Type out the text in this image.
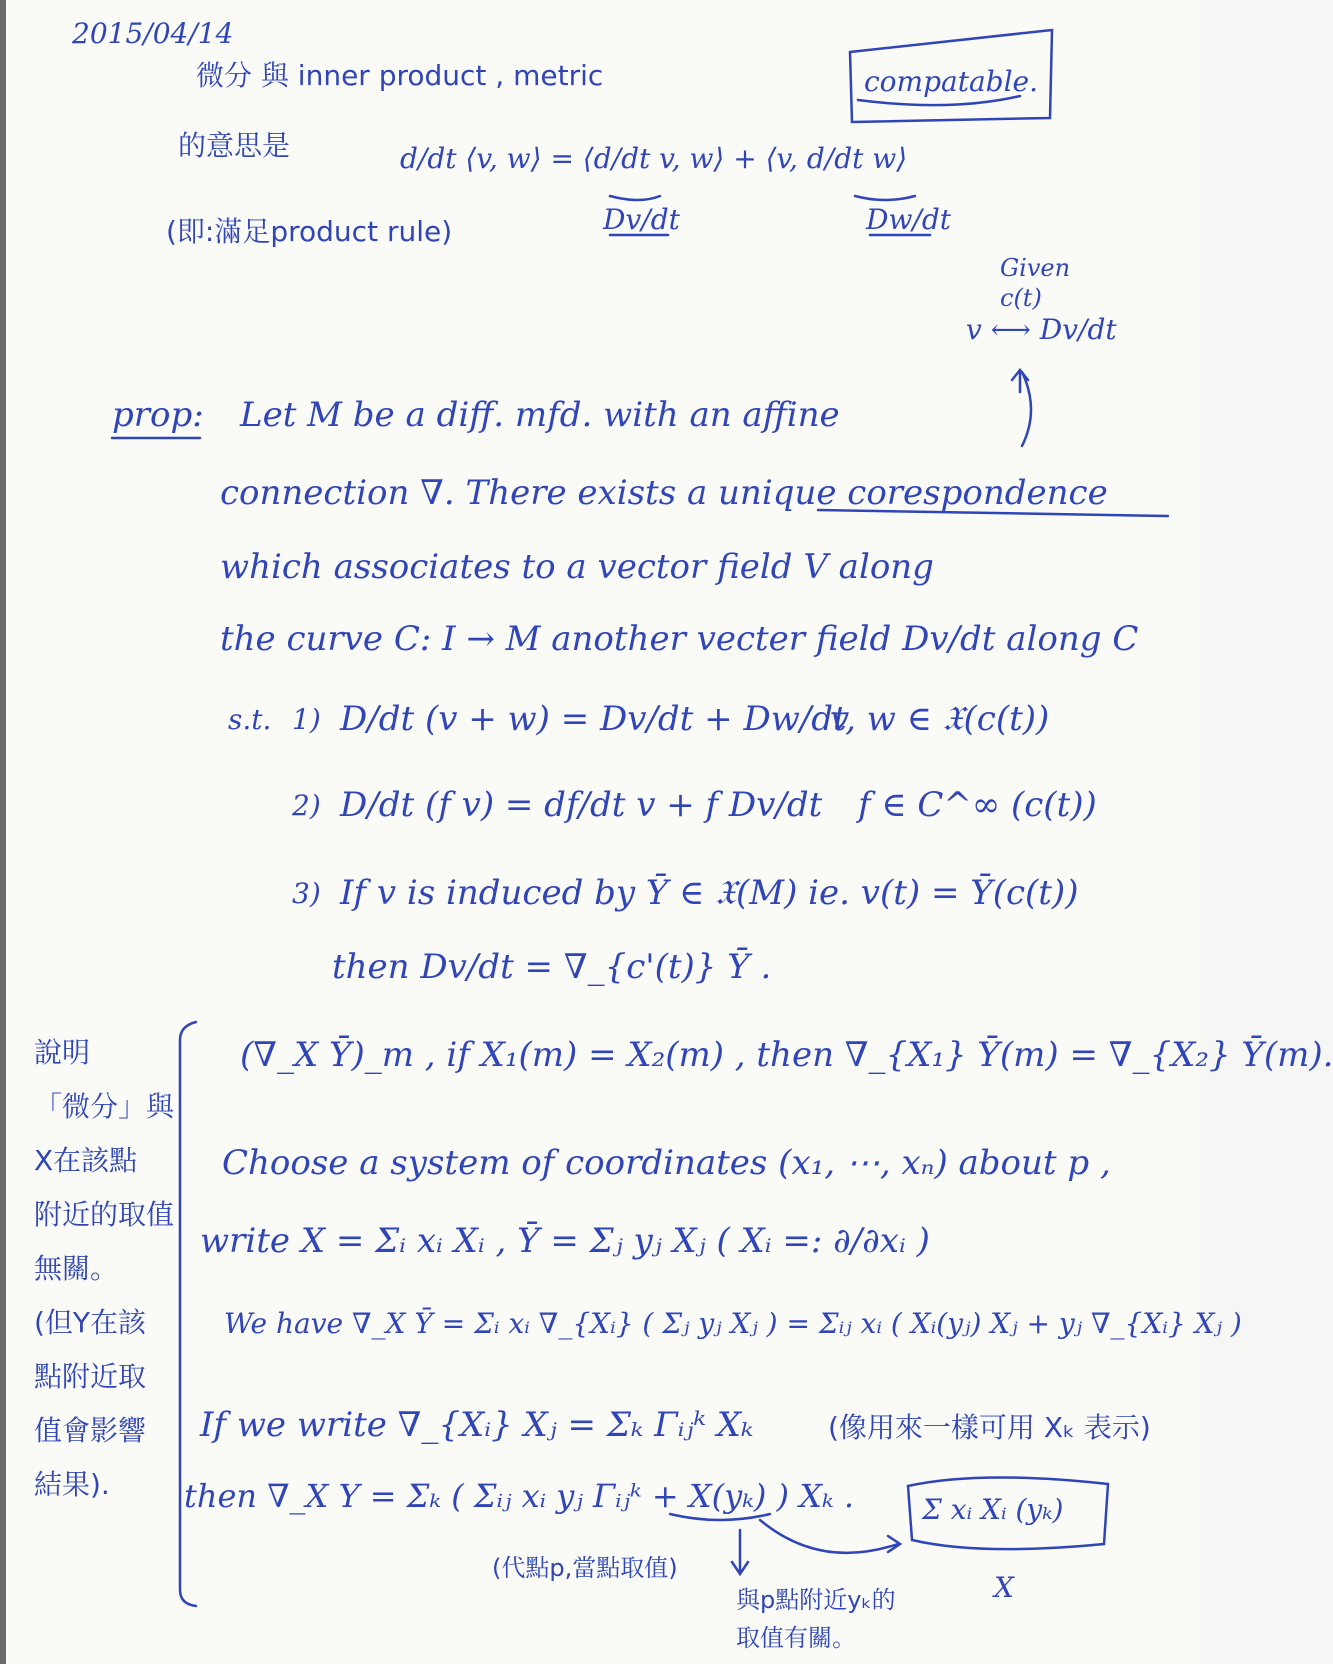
2015/04/14
微分 與 inner product , metric	compatable.
的意思是	d/dt ⟨v, w⟩ = ⟨d/dt v, w⟩ + ⟨v, d/dt w⟩
(即:滿足product rule)	Dv/dt	Dw/dt
Given
c(t)
v ⟷ Dv/dt
prop: Let M be a diff. mfd. with an affine
connection ∇. There exists a unique corespondence
which associates to a vector field V along
the curve C: I → M another vecter field Dv/dt along C
s.t. 1) D/dt (v + w) = Dv/dt + Dw/dt
v, w ∈ 𝔛(c(t))
2) D/dt (f v) = df/dt v + f Dv/dt f ∈ C^∞ (c(t))
3) If v is induced by Ȳ ∈ 𝔛(M) ie. v(t) = Ȳ(c(t))
then Dv/dt = ∇_{c'(t)} Ȳ .
說明
「微分」與
X在該點
附近的取值
無關。
(但Y在該
點附近取
值會影響
結果).
(∇_X Ȳ)_m , if X₁(m) = X₂(m) , then ∇_{X₁} Ȳ(m) = ∇_{X₂} Ȳ(m).
Choose a system of coordinates (x₁, ⋯, xₙ) about p ,
write X = Σᵢ xᵢ Xᵢ , Ȳ = Σⱼ yⱼ Xⱼ ( Xᵢ =: ∂/∂xᵢ )
We have ∇_X Ȳ = Σᵢ xᵢ ∇_{Xᵢ} ( Σⱼ yⱼ Xⱼ ) = Σᵢⱼ xᵢ ( Xᵢ(yⱼ) Xⱼ + yⱼ ∇_{Xᵢ} Xⱼ )
If we write ∇_{Xᵢ} Xⱼ = Σₖ Γᵢⱼᵏ Xₖ	(像用來一樣可用 Xₖ 表示)
then ∇_X Y = Σₖ ( Σᵢⱼ xᵢ yⱼ Γᵢⱼᵏ + X(yₖ) ) Xₖ . Σ xᵢ Xᵢ (yₖ)
(代點p,當點取值)
與p點附近yₖ的
取值有關。
X
